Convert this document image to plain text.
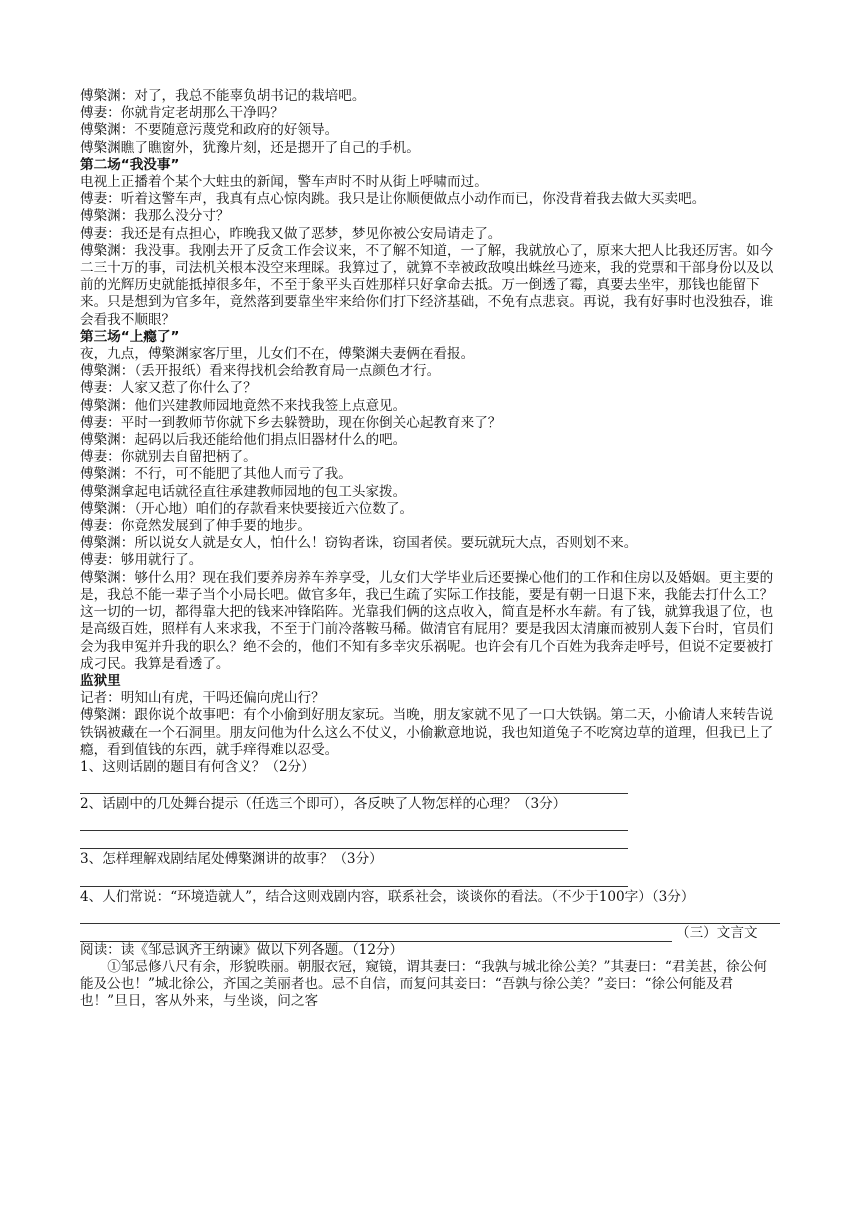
傅檠渊：对了，我总不能辜负胡书记的栽培吧。

傅妻：你就肯定老胡那么干净吗？

傅檠渊：不要随意污蔑党和政府的好领导。

傅檠渊瞧了瞧窗外，犹豫片刻，还是摁开了自己的手机。

第二场“我没事”

电视上正播着个某个大蛀虫的新闻，警车声时不时从街上呼啸而过。

傅妻：听着这警车声，我真有点心惊肉跳。我只是让你顺便做点小动作而已，你没背着我去做大买卖吧。

傅檠渊：我那么没分寸？

傅妻：我还是有点担心，昨晚我又做了恶梦，梦见你被公安局请走了。

傅檠渊：我没事。我刚去开了反贪工作会议来，不了解不知道，一了解，我就放心了，原来大把人比我还厉害。如今二三十万的事，司法机关根本没空来理睬。我算过了，就算不幸被政敌嗅出蛛丝马迹来，我的党票和干部身份以及以前的光辉历史就能抵掉很多年，不至于象平头百姓那样只好拿命去抵。万一倒透了霉，真要去坐牢，那钱也能留下来。只是想到为官多年，竟然落到要靠坐牢来给你们打下经济基础，不免有点悲哀。再说，我有好事时也没独吞，谁会看我不顺眼？

第三场“上瘾了”

夜，九点，傅檠渊家客厅里，儿女们不在，傅檠渊夫妻俩在看报。

傅檠渊：（丢开报纸）看来得找机会给教育局一点颜色才行。

傅妻：人家又惹了你什么了？

傅檠渊：他们兴建教师园地竟然不来找我签上点意见。

傅妻：平时一到教师节你就下乡去躲赞助，现在你倒关心起教育来了？

傅檠渊：起码以后我还能给他们捐点旧器材什么的吧。

傅妻：你就别去自留把柄了。

傅檠渊：不行，可不能肥了其他人而亏了我。

傅檠渊拿起电话就径直往承建教师园地的包工头家拨。

傅檠渊：（开心地）咱们的存款看来快要接近六位数了。

傅妻：你竟然发展到了伸手要的地步。

傅檠渊：所以说女人就是女人，怕什么！窃钩者诛，窃国者侯。要玩就玩大点，否则划不来。

傅妻：够用就行了。

傅檠渊：够什么用？现在我们要养房养车养享受，儿女们大学毕业后还要操心他们的工作和住房以及婚姻。更主要的是，我总不能一辈子当个小局长吧。做官多年，我已生疏了实际工作技能，要是有朝一日退下来，我能去打什么工？这一切的一切，都得靠大把的钱来冲锋陷阵。光靠我们俩的这点收入，简直是杯水车薪。有了钱，就算我退了位，也是高级百姓，照样有人来求我，不至于门前冷落鞍马稀。做清官有屁用？要是我因太清廉而被别人轰下台时，官员们会为我申冤并升我的职么？绝不会的，他们不知有多幸灾乐祸呢。也许会有几个百姓为我奔走呼号，但说不定要被打成刁民。我算是看透了。

监狱里

记者：明知山有虎，干吗还偏向虎山行？

傅檠渊：跟你说个故事吧：有个小偷到好朋友家玩。当晚，朋友家就不见了一口大铁锅。第二天，小偷请人来转告说铁锅被藏在一个石洞里。朋友问他为什么这么不仗义，小偷歉意地说，我也知道兔子不吃窝边草的道理，但我已上了瘾，看到值钱的东西，就手痒得难以忍受。

1、这则话剧的题目有何含义？（2分）

2、话剧中的几处舞台提示（任选三个即可），各反映了人物怎样的心理？（3分）

3、怎样理解戏剧结尾处傅檠渊讲的故事？（3分）

4、人们常说：“环境造就人”，结合这则戏剧内容，联系社会，谈谈你的看法。（不少于100字）（3分）

（三）文言文

阅读：读《邹忌讽齐王纳谏》做以下列各题。（12分）

①邹忌修八尺有余，形貌昳丽。朝服衣冠，窥镜，谓其妻曰：“我孰与城北徐公美？”其妻曰：“君美甚，徐公何能及公也！”城北徐公，齐国之美丽者也。忌不自信，而复问其妾曰：“吾孰与徐公美？”妾曰：“徐公何能及君也！”旦日，客从外来，与坐谈，问之客
